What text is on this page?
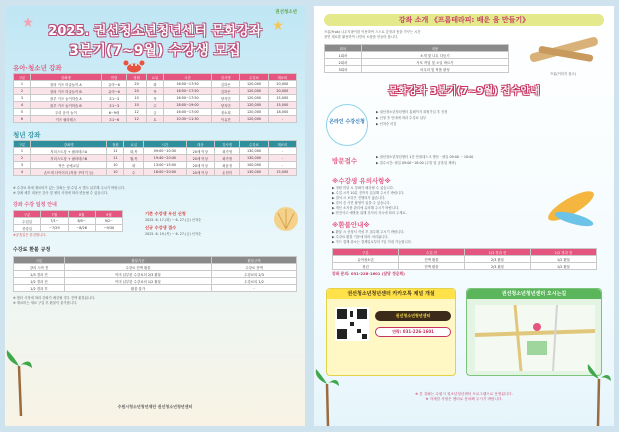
권선청소년
2025. 권선청소년청년센터 문화강좌
3분기(7~9월) 수강생 모집
유아·청소년 강좌
구분	강좌명	연령	정원	요일	시간	강사명	수강료	재료비
1	창의 키즈 미술놀이 A	유아~6	20	화	16:50~17:50	김하은	120,000	20,000
2	창의 키즈 미술놀이 B	유아~6	20	목	16:50~17:50	김하은	120,000	20,000
3	플루 키즈 놀이학습 A	초1~3	10	목	16:50~17:50	양지민	120,000	15,000
4	플루 키즈 놀이학습 B	초1~3	10	수	18:00~19:00	양지민	120,000	15,000
5	우리 음악 놀이	6~9세	12	금	16:00~17:00	정소희	120,000	18,000
6	키즈 필라테스	초1~6	12	토	10:30~11:30	이유진	120,000	-
청년 강좌
구분	강좌명	정원	요일	시간	대상	강사명	수강료	재료비
1	저녁스트칭 + 필라테스A	11	화,목	09:00~10:30	20세 이상	최가영	130,000	-
2	저녁스트칭 + 필라테스B	11	월,목	19:40~20:40	20세 이상	최가영	130,000	-
3	작은 공예교실	10	화	13:00~15:00	20세 이상	최윤정	100,000	-
4	손뜨개 다이어리 (작품 꾸미기 등)	10	수	18:00~20:00	20세 이상	손현미	130,000	15,000
※ 수강료 외에 재료비가 있는 강좌는 첫 수업 시 별도 납부해 주시기 바랍니다.
※ 강좌 세부 내용은 강사 및 센터 사정에 따라 변동될 수 있습니다.
강좌 수강 일정 안내
구분	7월	8월	9월
수업일	7/1~	8/5~	9/2~
종강일	~7/29	~8/26	~9/30
※공휴일은 휴강합니다.
기존 수강생 우선 신청
2025. 6. 17.(화) ~ 6. 27.(금) 선착순
신규 수강생 접수
2025. 6. 19.(목) ~ 6. 27.(금) 선착순
수강료 환불 규정
구분	환불기준	환불금액
강의 시작 전	수강료 전액 환불	수강료 전액
1/3 경과 전	이미 납부한 수강료의 2/3 환불	수강료의 2/3
1/2 경과 전	이미 납부한 수강료의 1/2 환불	수강료의 1/2
1/2 경과 후	환불 불가	-
※ 센터 사정에 따라 강좌가 폐강될 경우 전액 환불됩니다.
※ 재료비는 재료 구입 후 환불이 불가합니다.
수원시청소년청년재단 권선청소년청년센터
강좌 소개 《프롬테라피: 배운 움 만들기》
프롬(Frob) 나무지팡이를 이용하여 스스로 감정과 몸을 가꾸는 시간
천연 재료를 활용하여 나만의 소품을 만들어 봅니다.
회차	내용
1회차	소개 및 나무 다듬기
2회차	사포 작업 및 오일 바르기
3회차	마무리 및 작품 완성
프롬(이미지 참고)
문화강좌 3분기(7~9월) 접수안내
온라인 수강신청
▶ 권선청소년청년센터 홈페이지 회원가입 후 신청
▶ 신청 후 안내에 따라 수강료 납부
▶ 선착순 마감
방문접수	▶ 권선청소년청년센터 1층 안내데스크 방문 · 평일 09:00 ~ 18:00
▶ 접수시간: 평일 09:00~18:00 (주말 및 공휴일 제외)
※수강생 유의사항※
▶ 정원 미달 시 강좌가 폐강될 수 있습니다.
▶ 수업 시작 10분 전까지 입실해 주시기 바랍니다.
▶ 결석 시 보강은 진행되지 않습니다.
▶ 강의 중 사진 촬영이 있을 수 있습니다.
▶ 개인 소지품 관리에 유의해 주시기 바랍니다.
▶ 안전사고 예방을 위해 강사의 지시에 따라 주세요.
※환불안내※
▶ 환불 시 신청서 작성 후 접수해 주시기 바랍니다.
▶ 수강료 환불 기준에 따라 처리됩니다.
▶ 카드 결제 취소는 결제일로부터 7일 이내 가능합니다.
구분	수업 전	1/3 경과 전	1/2 경과 전
유아청소년	전액 환불	2/3 환불	1/2 환불
청년	전액 환불	2/3 환불	1/2 환불
강좌 문의: 031-226-1601 (담당 정윤희)
권선청소년청년센터 카카오톡 채널 개설
권선청소년청년센터
연락: 031-226-1601
권선청소년청년센터 오시는길
※ 본 강좌는 수원시 청소년청년센터 프로그램으로 운영됩니다.
※ 자세한 사항은 센터로 문의해 주시기 바랍니다.
